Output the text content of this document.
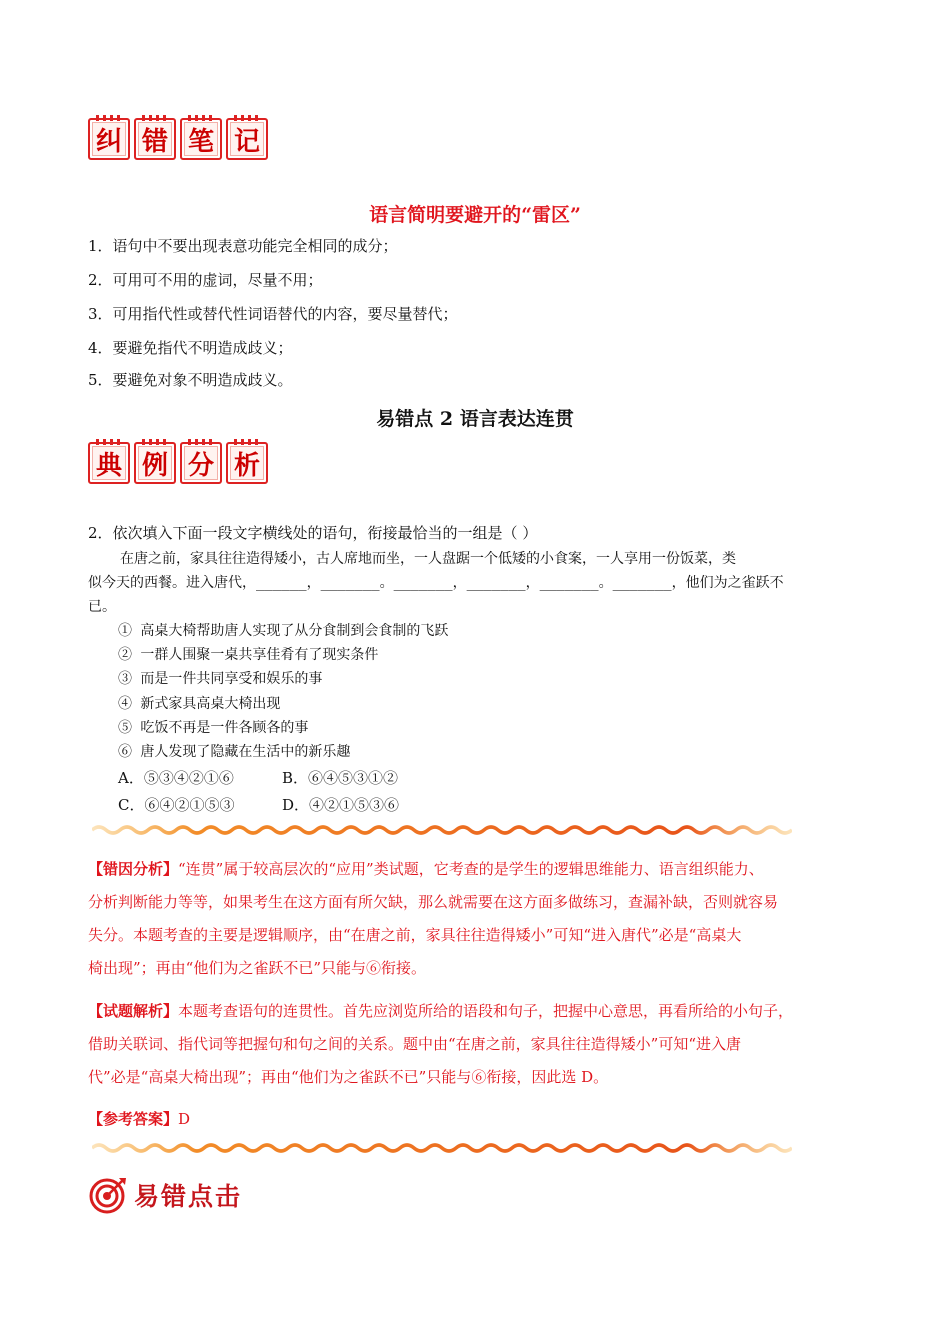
纠 错 笔 记
语言简明要避开的“雷区”
1．语句中不要出现表意功能完全相同的成分；
2．可用可不用的虚词，尽量不用；
3．可用指代性或替代性词语替代的内容，要尽量替代；
4．要避免指代不明造成歧义；
5．要避免对象不明造成歧义。
易错点 2 语言表达连贯
典 例 分 析
2．依次填入下面一段文字横线处的语句，衔接最恰当的一组是（ ）
在唐之前，家具往往造得矮小，古人席地而坐，一人盘踞一个低矮的小食案，一人享用一份饭菜，类
似今天的西餐。进入唐代，______，_______。_______，_______，_______。_______，他们为之雀跃不
已。
① 高桌大椅帮助唐人实现了从分食制到会食制的飞跃
② 一群人围聚一桌共享佳肴有了现实条件
③ 而是一件共同享受和娱乐的事
④ 新式家具高桌大椅出现
⑤ 吃饭不再是一件各顾各的事
⑥ 唐人发现了隐藏在生活中的新乐趣
A．⑤③④②①⑥	B．⑥④⑤③①②
C．⑥④②①⑤③	D．④②①⑤③⑥
【错因分析】“连贯”属于较高层次的“应用”类试题，它考查的是学生的逻辑思维能力、语言组织能力、
分析判断能力等等，如果考生在这方面有所欠缺，那么就需要在这方面多做练习，查漏补缺，否则就容易
失分。本题考查的主要是逻辑顺序，由“在唐之前，家具往往造得矮小”可知“进入唐代”必是“高桌大
椅出现”；再由“他们为之雀跃不已”只能与⑥衔接。
【试题解析】本题考查语句的连贯性。首先应浏览所给的语段和句子，把握中心意思，再看所给的小句子，
借助关联词、指代词等把握句和句之间的关系。题中由“在唐之前，家具往往造得矮小”可知“进入唐
代”必是“高桌大椅出现”；再由“他们为之雀跃不已”只能与⑥衔接，因此选 D。
【参考答案】D
易错点击
